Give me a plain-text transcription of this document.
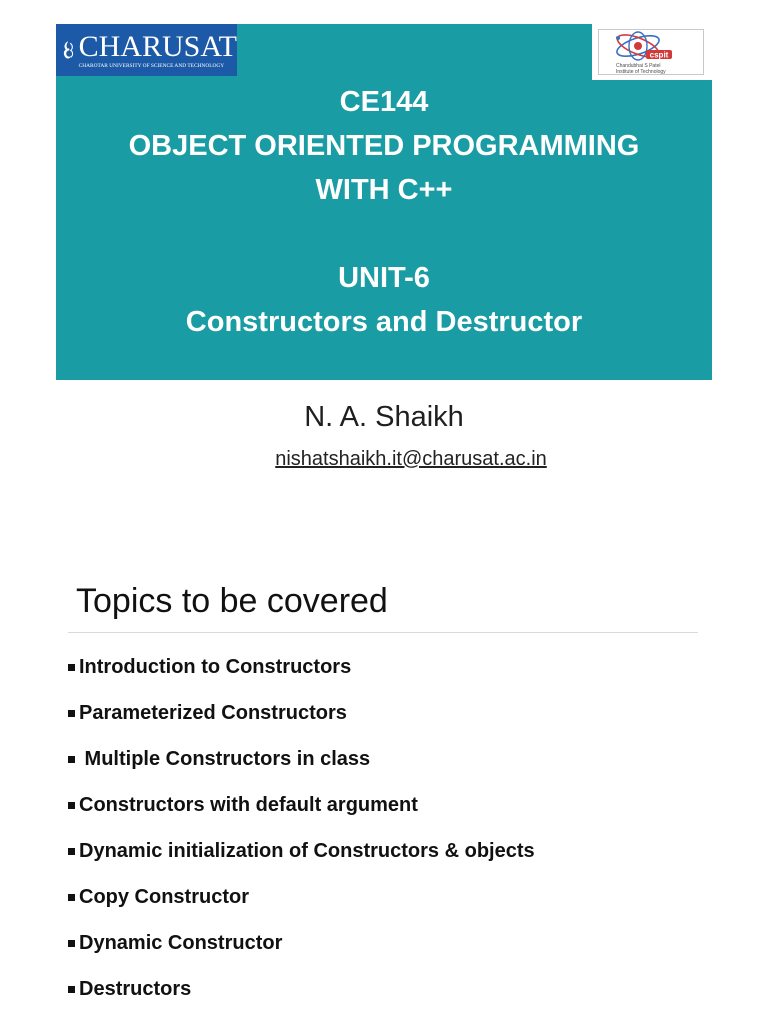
CHARUSAT
CHAROTAR UNIVERSITY OF SCIENCE AND TECHNOLOGY
cspit
Chandubhai S Patel
Institute of Technology
CE144
OBJECT ORIENTED PROGRAMMING
WITH C++
UNIT-6
Constructors and Destructor
N. A. Shaikh
nishatshaikh.it@charusat.ac.in
Topics to be covered
Introduction to Constructors
Parameterized Constructors
Multiple Constructors in class
Constructors with default argument
Dynamic initialization of Constructors & objects
Copy Constructor
Dynamic Constructor
Destructors
